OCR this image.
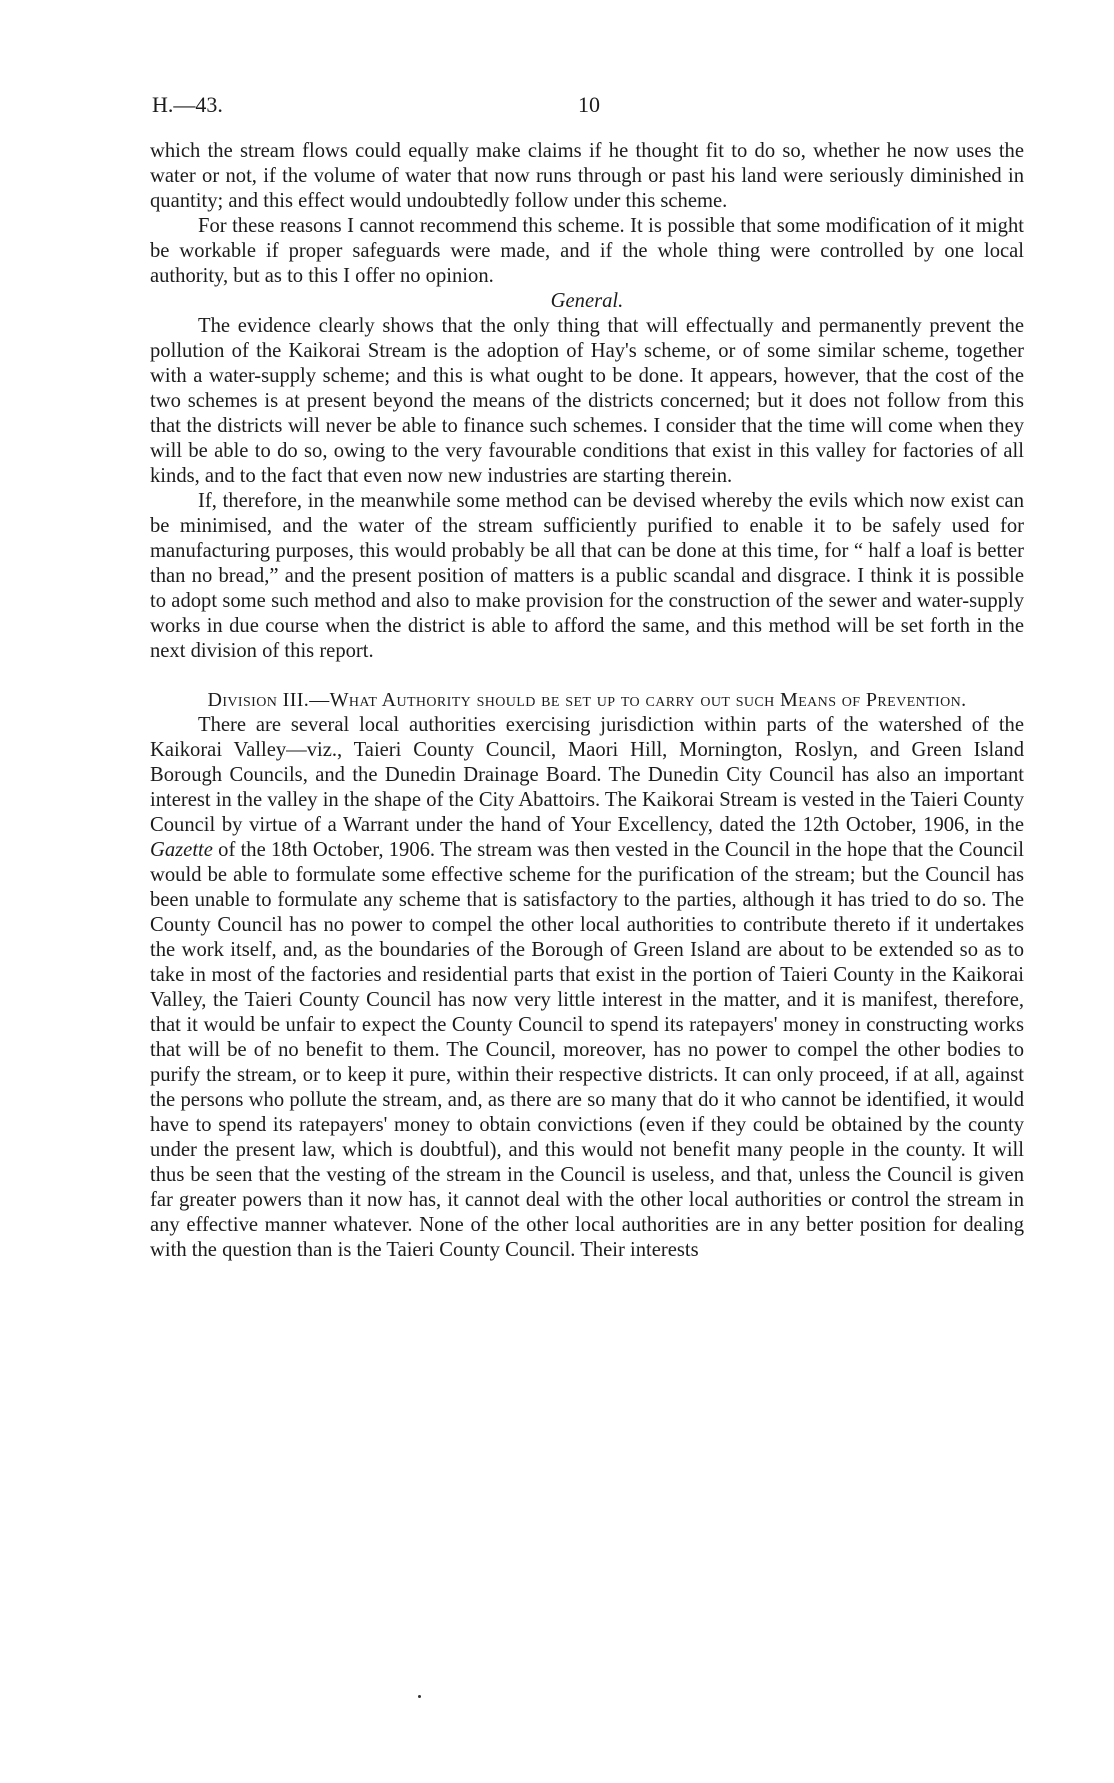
H.—43.	10

which the stream flows could equally make claims if he thought fit to do so, whether he now uses the water or not, if the volume of water that now runs through or past his land were seriously diminished in quantity; and this effect would undoubtedly follow under this scheme.

For these reasons I cannot recommend this scheme. It is possible that some modification of it might be workable if proper safeguards were made, and if the whole thing were controlled by one local authority, but as to this I offer no opinion.

General.

The evidence clearly shows that the only thing that will effectually and permanently prevent the pollution of the Kaikorai Stream is the adoption of Hay's scheme, or of some similar scheme, together with a water-supply scheme; and this is what ought to be done. It appears, however, that the cost of the two schemes is at present beyond the means of the districts concerned; but it does not follow from this that the districts will never be able to finance such schemes. I consider that the time will come when they will be able to do so, owing to the very favourable conditions that exist in this valley for factories of all kinds, and to the fact that even now new industries are starting therein.

If, therefore, in the meanwhile some method can be devised whereby the evils which now exist can be minimised, and the water of the stream sufficiently purified to enable it to be safely used for manufacturing purposes, this would probably be all that can be done at this time, for “ half a loaf is better than no bread,” and the present position of matters is a public scandal and disgrace. I think it is possible to adopt some such method and also to make provision for the construction of the sewer and water-supply works in due course when the district is able to afford the same, and this method will be set forth in the next division of this report.

Division III.—What Authority should be set up to carry out such Means of Prevention.

There are several local authorities exercising jurisdiction within parts of the watershed of the Kaikorai Valley—viz., Taieri County Council, Maori Hill, Mornington, Roslyn, and Green Island Borough Councils, and the Dunedin Drainage Board. The Dunedin City Council has also an important interest in the valley in the shape of the City Abattoirs. The Kaikorai Stream is vested in the Taieri County Council by virtue of a Warrant under the hand of Your Excellency, dated the 12th October, 1906, in the Gazette of the 18th October, 1906. The stream was then vested in the Council in the hope that the Council would be able to formulate some effective scheme for the purification of the stream; but the Council has been unable to formulate any scheme that is satisfactory to the parties, although it has tried to do so. The County Council has no power to compel the other local authorities to contribute thereto if it undertakes the work itself, and, as the boundaries of the Borough of Green Island are about to be extended so as to take in most of the factories and residential parts that exist in the portion of Taieri County in the Kaikorai Valley, the Taieri County Council has now very little interest in the matter, and it is manifest, therefore, that it would be unfair to expect the County Council to spend its ratepayers' money in constructing works that will be of no benefit to them. The Council, moreover, has no power to compel the other bodies to purify the stream, or to keep it pure, within their respective districts. It can only proceed, if at all, against the persons who pollute the stream, and, as there are so many that do it who cannot be identified, it would have to spend its ratepayers' money to obtain convictions (even if they could be obtained by the county under the present law, which is doubtful), and this would not benefit many people in the county. It will thus be seen that the vesting of the stream in the Council is useless, and that, unless the Council is given far greater powers than it now has, it cannot deal with the other local authorities or control the stream in any effective manner whatever. None of the other local authorities are in any better position for dealing with the question than is the Taieri County Council. Their interests
